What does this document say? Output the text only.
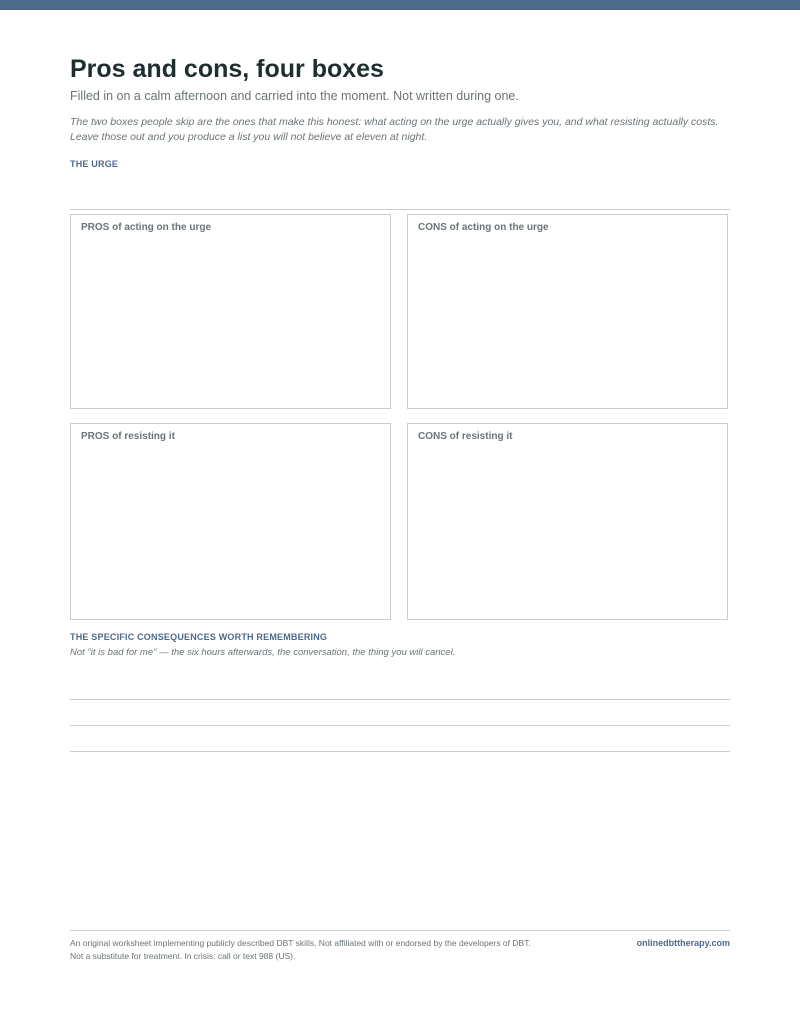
Pros and cons, four boxes
Filled in on a calm afternoon and carried into the moment. Not written during one.
The two boxes people skip are the ones that make this honest: what acting on the urge actually gives you, and what resisting actually costs. Leave those out and you produce a list you will not believe at eleven at night.
THE URGE
PROS of acting on the urge	CONS of acting on the urge
PROS of resisting it	CONS of resisting it
THE SPECIFIC CONSEQUENCES WORTH REMEMBERING
Not "it is bad for me" — the six hours afterwards, the conversation, the thing you will cancel.
An original worksheet implementing publicly described DBT skills. Not affiliated with or endorsed by the developers of DBT.
Not a substitute for treatment. In crisis: call or text 988 (US).
onlinedbttherapy.com
